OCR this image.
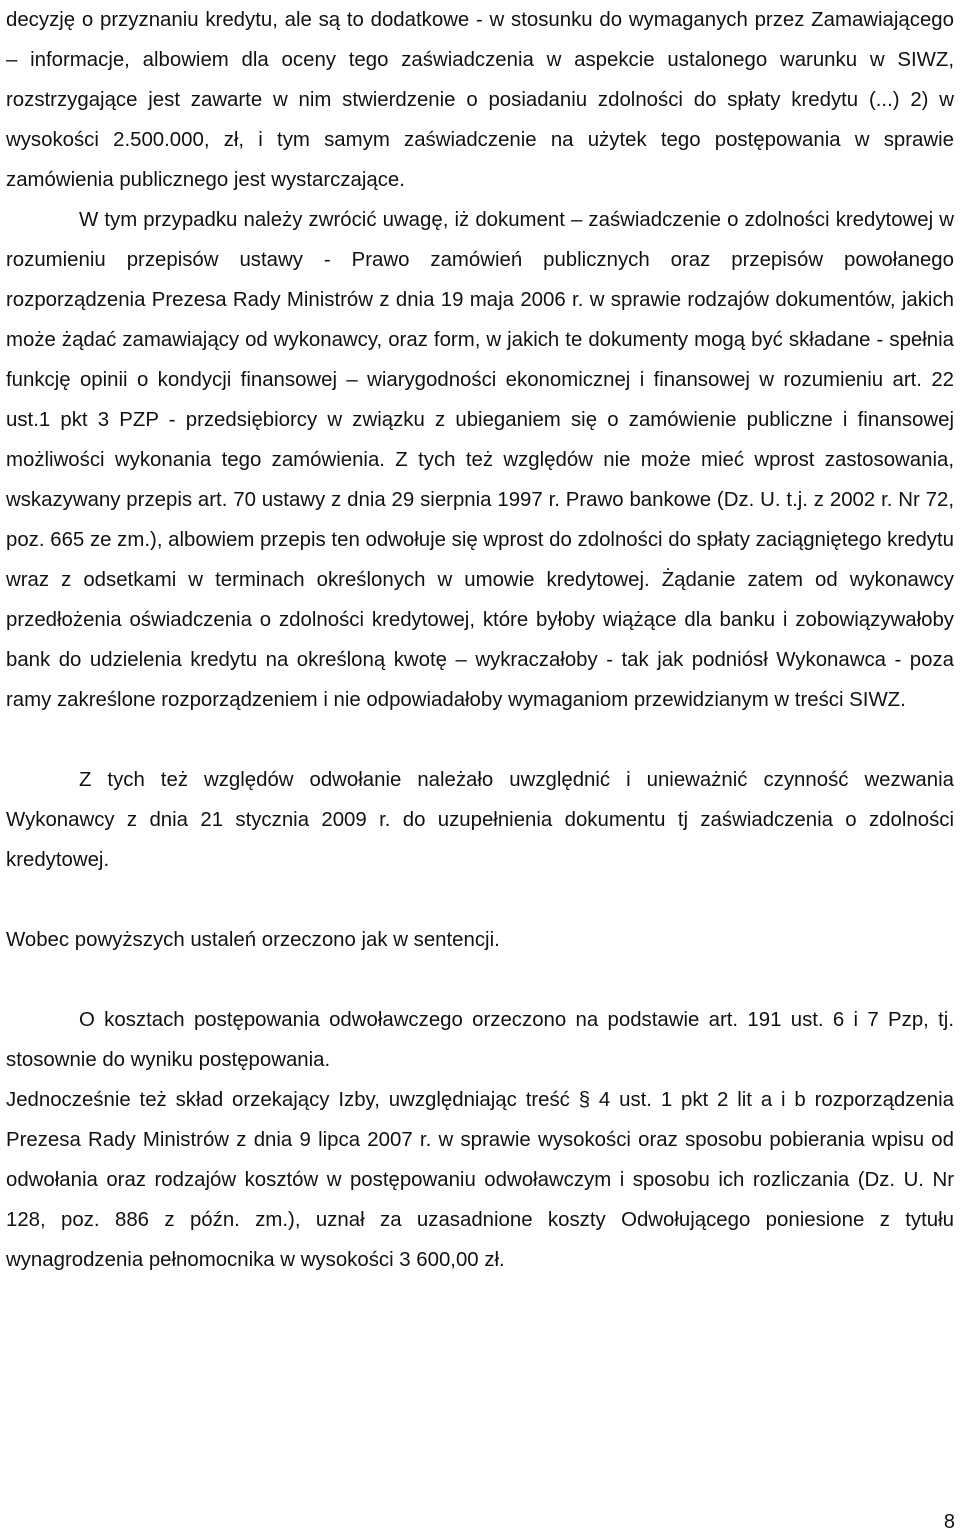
decyzję o przyznaniu kredytu, ale są to dodatkowe - w stosunku do wymaganych przez Zamawiającego – informacje, albowiem dla oceny tego zaświadczenia w aspekcie ustalonego warunku w SIWZ, rozstrzygające jest zawarte w nim stwierdzenie o posiadaniu zdolności do spłaty kredytu (...) 2) w wysokości 2.500.000, zł, i tym samym zaświadczenie na użytek tego postępowania w sprawie zamówienia publicznego jest wystarczające.

W tym przypadku należy zwrócić uwagę, iż dokument – zaświadczenie o zdolności kredytowej w rozumieniu przepisów ustawy - Prawo zamówień publicznych oraz przepisów powołanego rozporządzenia Prezesa Rady Ministrów z dnia 19 maja 2006 r. w sprawie rodzajów dokumentów, jakich może żądać zamawiający od wykonawcy, oraz form, w jakich te dokumenty mogą być składane - spełnia funkcję opinii o kondycji finansowej – wiarygodności ekonomicznej i finansowej w rozumieniu art. 22 ust.1 pkt 3 PZP - przedsiębiorcy w związku z ubieganiem się o zamówienie publiczne i finansowej możliwości wykonania tego zamówienia. Z tych też względów nie może mieć wprost zastosowania, wskazywany przepis art. 70 ustawy z dnia 29 sierpnia 1997 r. Prawo bankowe (Dz. U. t.j. z 2002 r. Nr 72, poz. 665 ze zm.), albowiem przepis ten odwołuje się wprost do zdolności do spłaty zaciągniętego kredytu wraz z odsetkami w terminach określonych w umowie kredytowej. Żądanie zatem od wykonawcy przedłożenia oświadczenia o zdolności kredytowej, które byłoby wiążące dla banku i zobowiązywałoby bank do udzielenia kredytu na określoną kwotę – wykraczałoby - tak jak podniósł Wykonawca - poza ramy zakreślone rozporządzeniem i nie odpowiadałoby wymaganiom przewidzianym w treści SIWZ.

Z tych też względów odwołanie należało uwzględnić i unieważnić czynność wezwania Wykonawcy z dnia 21 stycznia 2009 r. do uzupełnienia dokumentu tj zaświadczenia o zdolności kredytowej.

Wobec powyższych ustaleń orzeczono jak w sentencji.

O kosztach postępowania odwoławczego orzeczono na podstawie art. 191 ust. 6 i 7 Pzp, tj. stosownie do wyniku postępowania.

Jednocześnie też skład orzekający Izby, uwzględniając treść § 4 ust. 1 pkt 2 lit a i b rozporządzenia Prezesa Rady Ministrów z dnia 9 lipca 2007 r. w sprawie wysokości oraz sposobu pobierania wpisu od odwołania oraz rodzajów kosztów w postępowaniu odwoławczym i sposobu ich rozliczania (Dz. U. Nr 128, poz. 886 z późn. zm.), uznał za uzasadnione koszty Odwołującego poniesione z tytułu wynagrodzenia pełnomocnika w wysokości 3 600,00 zł.

8
